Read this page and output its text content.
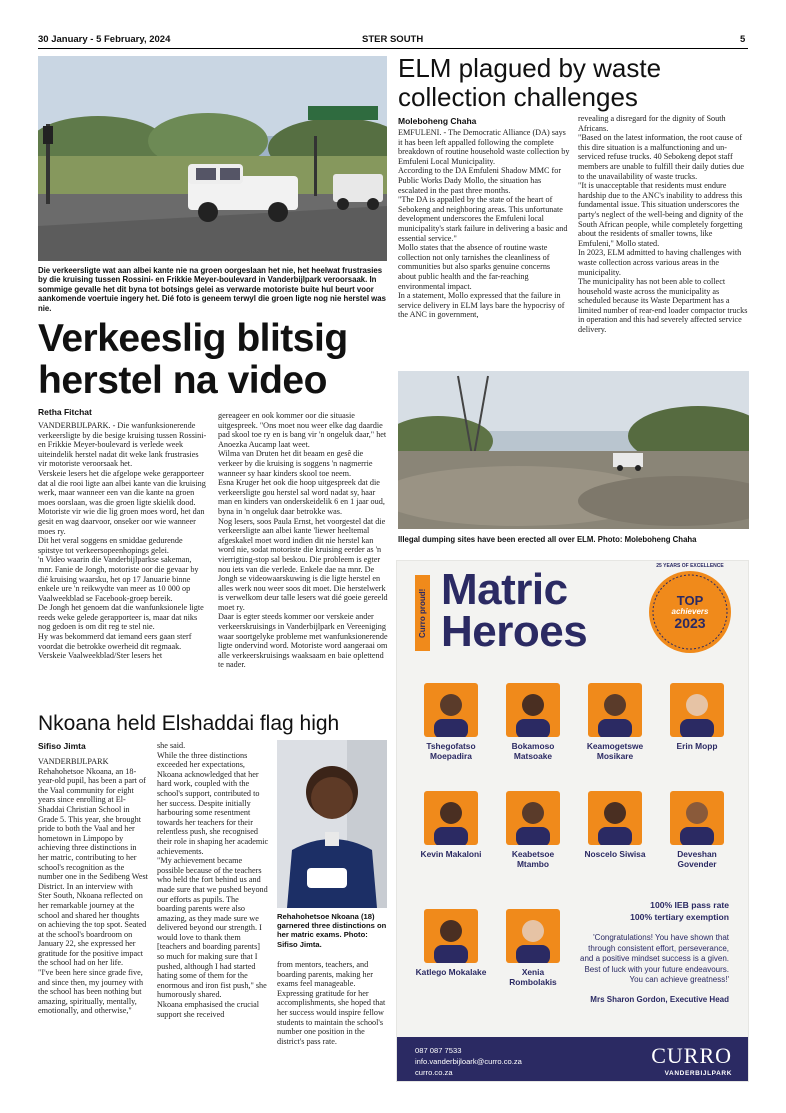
30 January - 5 February, 2024	STER SOUTH	5
Die verkeersligte wat aan albei kante nie na groen oorgeslaan het nie, het heelwat frustrasies by die kruising tussen Rossini- en Frikkie Meyer-boulevard in Vanderbijlpark veroorsaak. In sommige gevalle het dit byna tot botsings gelei as verwarde motoriste buite hul beurt voor aankomende voertuie ingery het. Dié foto is geneem terwyl die groen ligte nog nie herstel was nie.
Verkeeslig blitsig
herstel na video
Retha Fitchat

VANDERBIJLPARK. - Die wanfunksionerende verkeersligte by die besige kruising tussen Rossini- en Frikkie Meyer-boulevard is verlede week uiteindelik herstel nadat dit weke lank frustrasies vir motoriste veroorsaak het.

Verskeie lesers het die afgelope weke gerapporteer dat al die rooi ligte aan albei kante van die kruising werk, maar wanneer een van die kante na groen moes oorslaan, was die groen ligte skielik dood. Motoriste vir wie die lig groen moes word, het dan gesit en wag daarvoor, onseker oor wie wanneer moes ry.

Dit het veral soggens en smiddae gedurende spitstye tot verkeersopeenhopings gelei.

'n Video waarin die Vanderbijlparkse sakeman, mnr. Fanie de Jongh, motoriste oor die gevaar by dié kruising waarsku, het op 17 Januarie binne enkele ure 'n reikwydte van meer as 10 000 op Vaalweekblad se Facebook-groep bereik.

De Jongh het genoem dat die wanfunksionele ligte reeds weke gelede gerapporteer is, maar dat niks nog gedoen is om dit reg te stel nie.

Hy was bekommerd dat iemand eers gaan sterf voordat die betrokke owerheid dit regmaak.

Verskeie Vaalweekblad/Ster lesers het

gereageer en ook kommer oor die situasie uitgespreek. "Ons moet nou weer elke dag daardie pad skool toe ry en is bang vir 'n ongeluk daar," het Anoezka Aucamp laat weet.

Wilma van Druten het dit beaam en gesê die verkeer by die kruising is soggens 'n nagmerrie wanneer sy haar kinders skool toe neem.

Esna Kruger het ook die hoop uitgespreek dat die verkeersligte gou herstel sal word nadat sy, haar man en kinders van onderskeidelik 6 en 1 jaar oud, byna in 'n ongeluk daar betrokke was.

Nog lesers, soos Paula Ernst, het voorgestel dat die verkeersligte aan albei kante 'liewer heeltemal afgeskakel moet word indien dit nie herstel kan word nie, sodat motoriste die kruising eerder as 'n vierrigting-stop sal beskou. Die probleem is egter nou iets van die verlede. Enkele dae na mnr. De Jongh se videowaarskuwing is die ligte herstel en alles werk nou weer soos dit moet. Die herstelwerk is verwelkom deur talle lesers wat dié goeie gereeld moet ry.

Daar is egter steeds kommer oor verskeie ander verkeerskruisings in Vanderbijlpark en Vereeniging waar soortgelyke probleme met wanfunksionerende ligte ondervind word. Motoriste word aangeraai om alle verkeerskruisings waaksaam en baie oplettend te nader.

ELM plagued by waste
collection challenges
Moleboheng Chaha

EMFULENI. - The Democratic Alliance (DA) says it has been left appalled following the complete breakdown of routine household waste collection by Emfuleni Local Municipality.

According to the DA Emfuleni Shadow MMC for Public Works Dady Mollo, the situation has escalated in the past three months.

"The DA is appalled by the state of the heart of Sebokeng and neighboring areas. This unfortunate development underscores the Emfuleni local municipality's stark failure in delivering a basic and essential service."

Mollo states that the absence of routine waste collection not only tarnishes the cleanliness of communities but also sparks genuine concerns about public health and the far-reaching environmental impact.

In a statement, Mollo expressed that the failure in service delivery in ELM lays bare the hypocrisy of the ANC in government,

revealing a disregard for the dignity of South Africans.

"Based on the latest information, the root cause of this dire situation is a malfunctioning and un-serviced refuse trucks. 40 Sebokeng depot staff members are unable to fulfill their daily duties due to the unavailability of waste trucks.

"It is unacceptable that residents must endure hardship due to the ANC's inability to address this fundamental issue. This situation underscores the party's neglect of the well-being and dignity of the South African people, while completely forgetting about the residents of smaller towns, like Emfuleni," Mollo stated.

In 2023, ELM admitted to having challenges with waste collection across various areas in the municipality.

The municipality has not been able to collect household waste across the municipality as scheduled because its Waste Department has a limited number of rear-end loader compactor trucks in operation and this had severely affected service delivery.

Illegal dumping sites have been erected all over ELM. Photo: Moleboheng Chaha
Curro proud! Matric
Heroes
TOP
achievers
2023
25 YEARS OF EXCELLENCE
Tshegofatso Moepadira
Bokamoso Matsoake
Keamogetswe Mosikare
Erin Mopp
Kevin Makaloni	Keabetsoe Mtambo
Noscelo Siwisa	Deveshan Govender
Katlego Mokalake	Xenia Rombolakis
100% IEB pass rate
100% tertiary exemption
'Congratulations! You have shown that through consistent effort, perseverance, and a positive mindset success is a given. Best of luck with your future endeavours. You can achieve greatness!'
Mrs Sharon Gordon, Executive Head
087 087 7533
info.vanderbijloark@curro.co.za
curro.co.za
CURRO
VANDERBIJLPARK
Nkoana held Elshaddai flag high
Sifiso Jimta

VANDERBIJLPARK

Rehahohetsoe Nkoana, an 18-year-old pupil, has been a part of the Vaal community for eight years since enrolling at El-Shaddai Christian School in Grade 5. This year, she brought pride to both the Vaal and her hometown in Limpopo by achieving three distinctions in her matric, contributing to her school's recognition as the number one in the Sedibeng West District. In an interview with Ster South, Nkoana reflected on her remarkable journey at the school and shared her thoughts on achieving the top spot. Seated at the school's boardroom on January 22, she expressed her gratitude for the positive impact the school had on her life.

"I've been here since grade five, and since then, my journey with the school has been nothing but amazing, spiritually, mentally, emotionally, and otherwise,"

she said.

While the three distinctions exceeded her expectations, Nkoana acknowledged that her hard work, coupled with the school's support, contributed to her success. Despite initially harbouring some resentment towards her teachers for their relentless push, she recognised their role in shaping her academic achievements.

"My achievement became possible because of the teachers who held the fort behind us and made sure that we pushed beyond our efforts as pupils. The boarding parents were also amazing, as they made sure we delivered beyond our strength. I would love to thank them [teachers and boarding parents] so much for making sure that I pushed, although I had started hating some of them for the enormous and iron fist push," she humorously shared.

Nkoana emphasised the crucial support she received

Rehahohetsoe Nkoana (18) garnered three distinctions on her matric exams. Photo: Sifiso Jimta.

from mentors, teachers, and boarding parents, making her exams feel manageable.

Expressing gratitude for her accomplishments, she hoped that her success would inspire fellow students to maintain the school's number one position in the district's pass rate.
